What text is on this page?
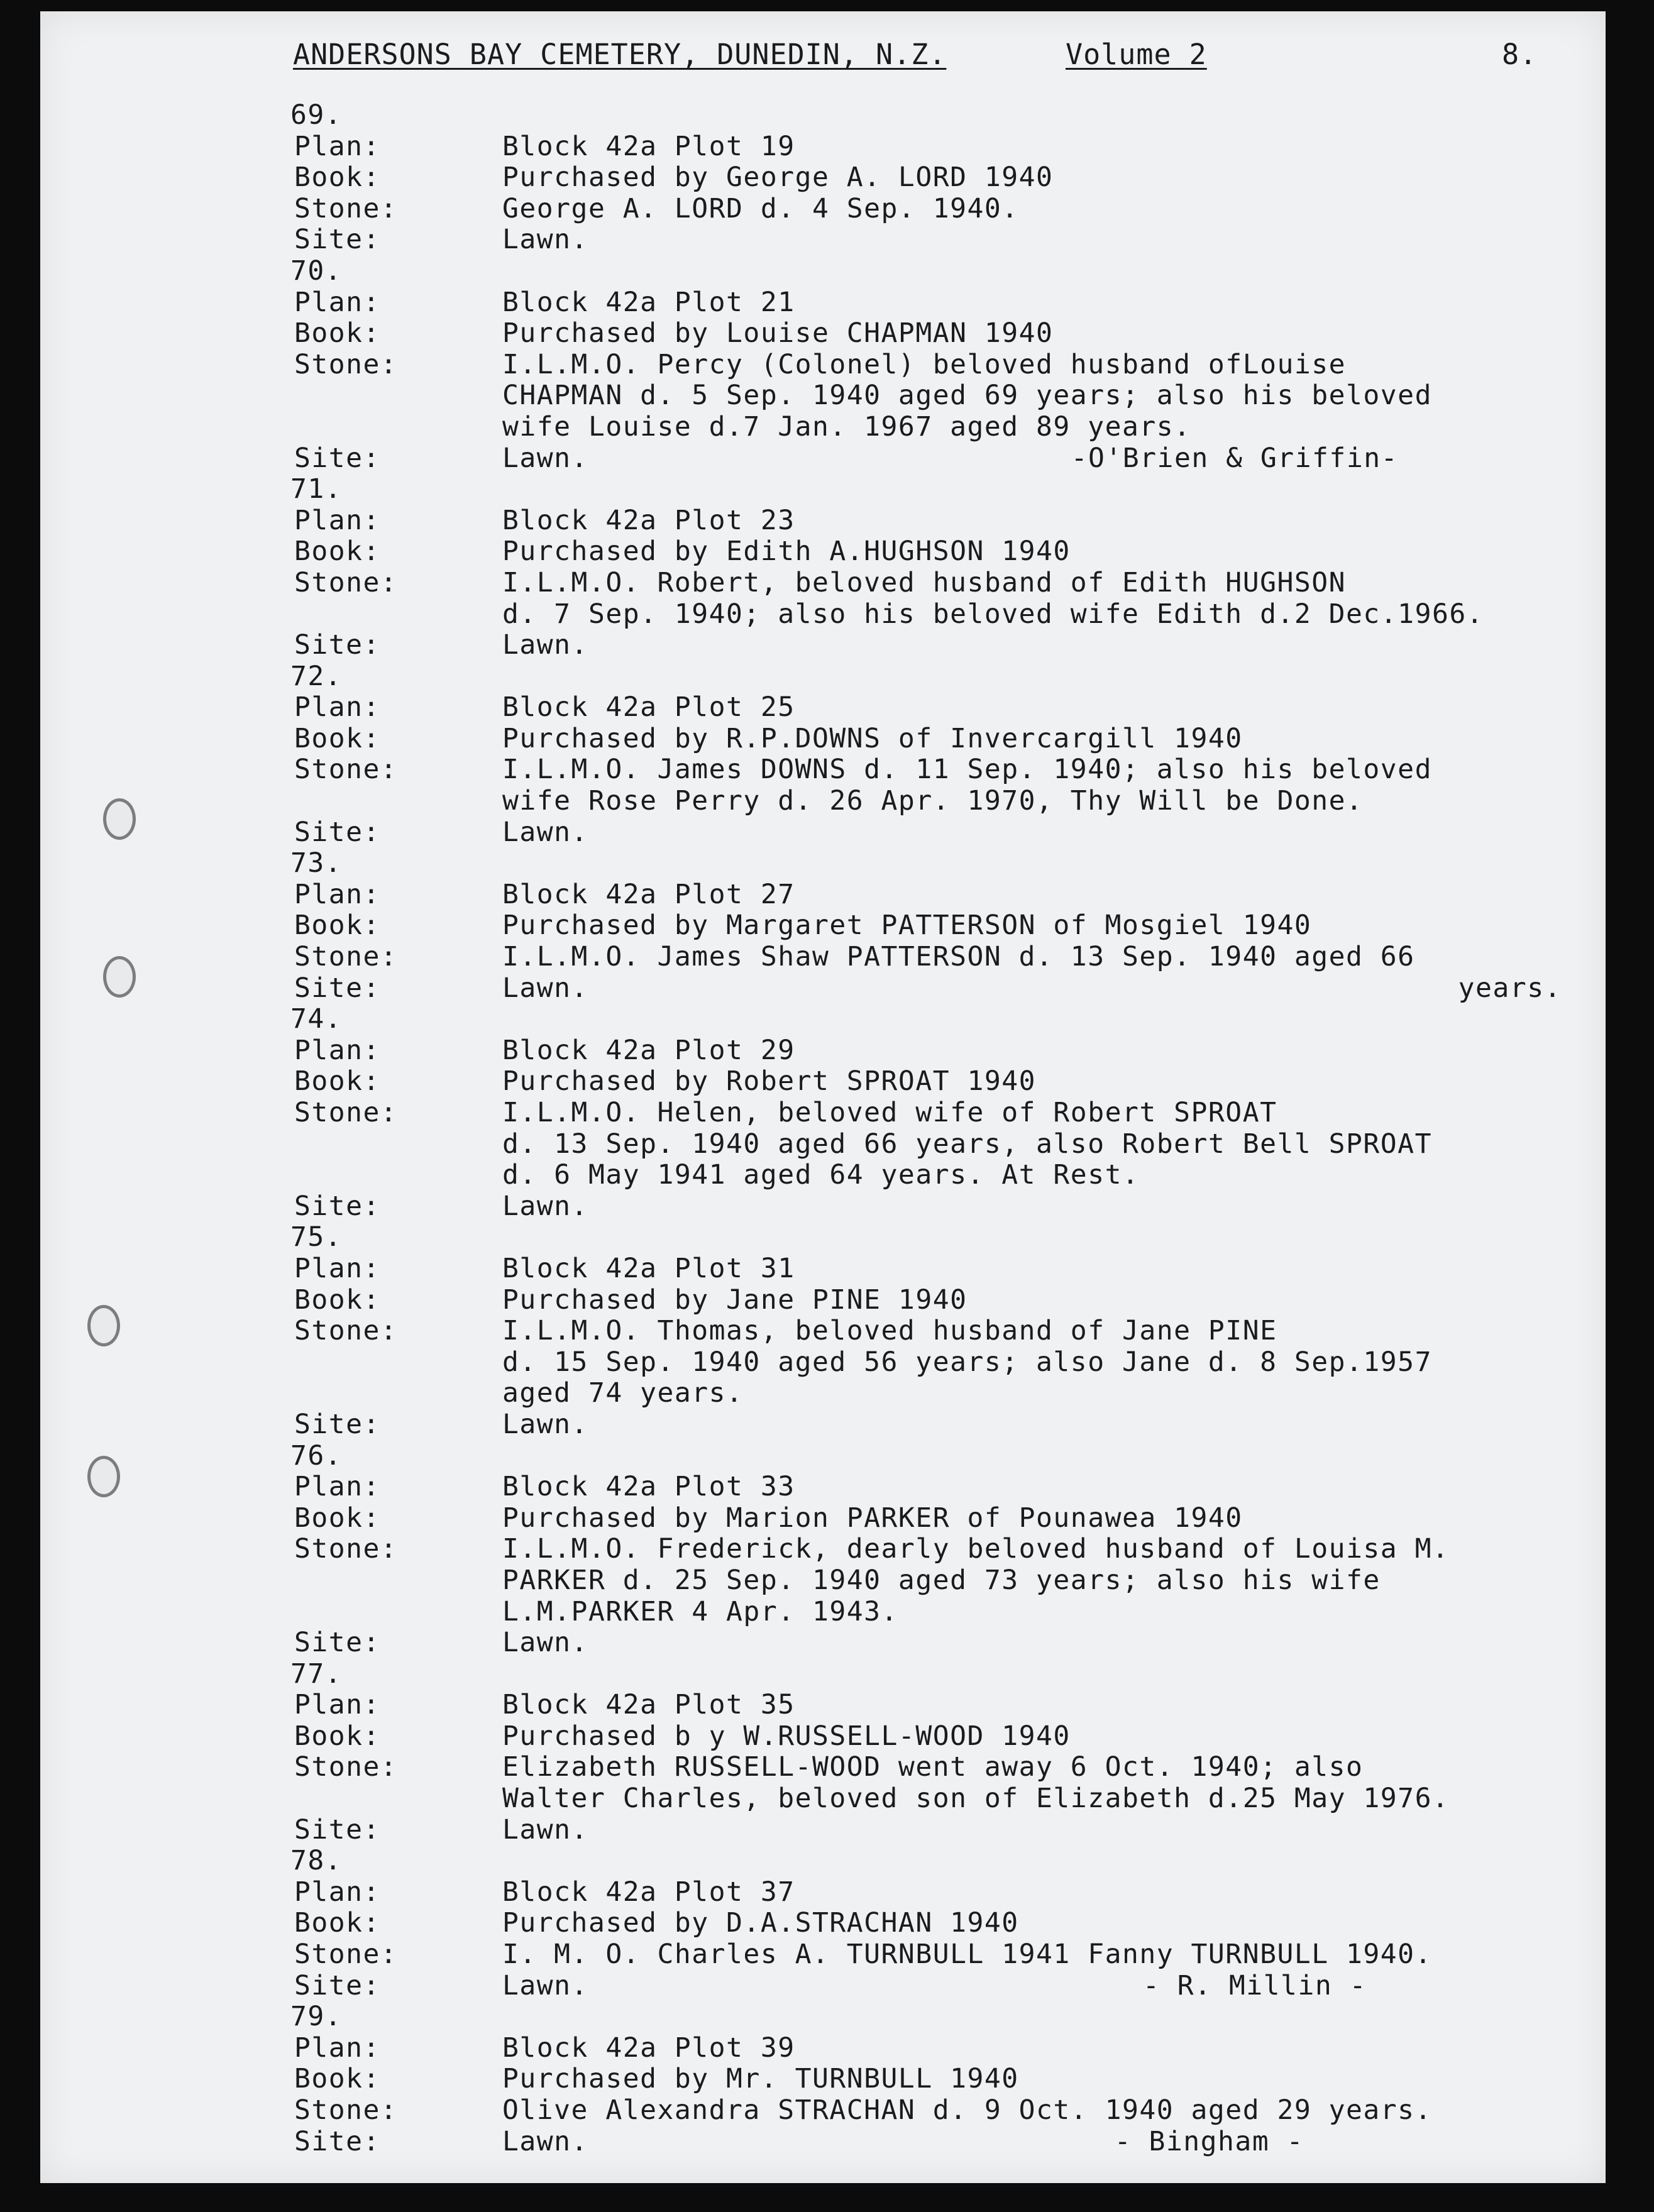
ANDERSONS BAY CEMETERY, DUNEDIN, N.Z.	Volume 2	8.
69.
Plan:	Block 42a Plot 19
Book:	Purchased by George A. LORD 1940
Stone:	George A. LORD d. 4 Sep. 1940.
Site:	Lawn.
70.
Plan:	Block 42a Plot 21
Book:	Purchased by Louise CHAPMAN 1940
Stone:	I.L.M.O. Percy (Colonel) beloved husband ofLouise
CHAPMAN d. 5 Sep. 1940 aged 69 years; also his beloved
wife Louise d.7 Jan. 1967 aged 89 years.
Site:	Lawn.	-O'Brien & Griffin-
71.
Plan:	Block 42a Plot 23
Book:	Purchased by Edith A.HUGHSON 1940
Stone:	I.L.M.O. Robert, beloved husband of Edith HUGHSON
d. 7 Sep. 1940; also his beloved wife Edith d.2 Dec.1966.
Site:	Lawn.
72.
Plan:	Block 42a Plot 25
Book:	Purchased by R.P.DOWNS of Invercargill 1940
Stone:	I.L.M.O. James DOWNS d. 11 Sep. 1940; also his beloved
wife Rose Perry d. 26 Apr. 1970, Thy Will be Done.
Site:	Lawn.
73.
Plan:	Block 42a Plot 27
Book:	Purchased by Margaret PATTERSON of Mosgiel 1940
Stone:	I.L.M.O. James Shaw PATTERSON d. 13 Sep. 1940 aged 66
Site:	Lawn.	years.
74.
Plan:	Block 42a Plot 29
Book:	Purchased by Robert SPROAT 1940
Stone:	I.L.M.O. Helen, beloved wife of Robert SPROAT
d. 13 Sep. 1940 aged 66 years, also Robert Bell SPROAT
d. 6 May 1941 aged 64 years. At Rest.
Site:	Lawn.
75.
Plan:	Block 42a Plot 31
Book:	Purchased by Jane PINE 1940
Stone:	I.L.M.O. Thomas, beloved husband of Jane PINE
d. 15 Sep. 1940 aged 56 years; also Jane d. 8 Sep.1957
aged 74 years.
Site:	Lawn.
76.
Plan:	Block 42a Plot 33
Book:	Purchased by Marion PARKER of Pounawea 1940
Stone:	I.L.M.O. Frederick, dearly beloved husband of Louisa M.
PARKER d. 25 Sep. 1940 aged 73 years; also his wife
L.M.PARKER 4 Apr. 1943.
Site:	Lawn.
77.
Plan:	Block 42a Plot 35
Book:	Purchased b y W.RUSSELL-WOOD 1940
Stone:	Elizabeth RUSSELL-WOOD went away 6 Oct. 1940; also
Walter Charles, beloved son of Elizabeth d.25 May 1976.
Site:	Lawn.
78.
Plan:	Block 42a Plot 37
Book:	Purchased by D.A.STRACHAN 1940
Stone:	I. M. O. Charles A. TURNBULL 1941 Fanny TURNBULL 1940.
Site:	Lawn.	- R. Millin -
79.
Plan:	Block 42a Plot 39
Book:	Purchased by Mr. TURNBULL 1940
Stone:	Olive Alexandra STRACHAN d. 9 Oct. 1940 aged 29 years.
Site:	Lawn.	- Bingham -
